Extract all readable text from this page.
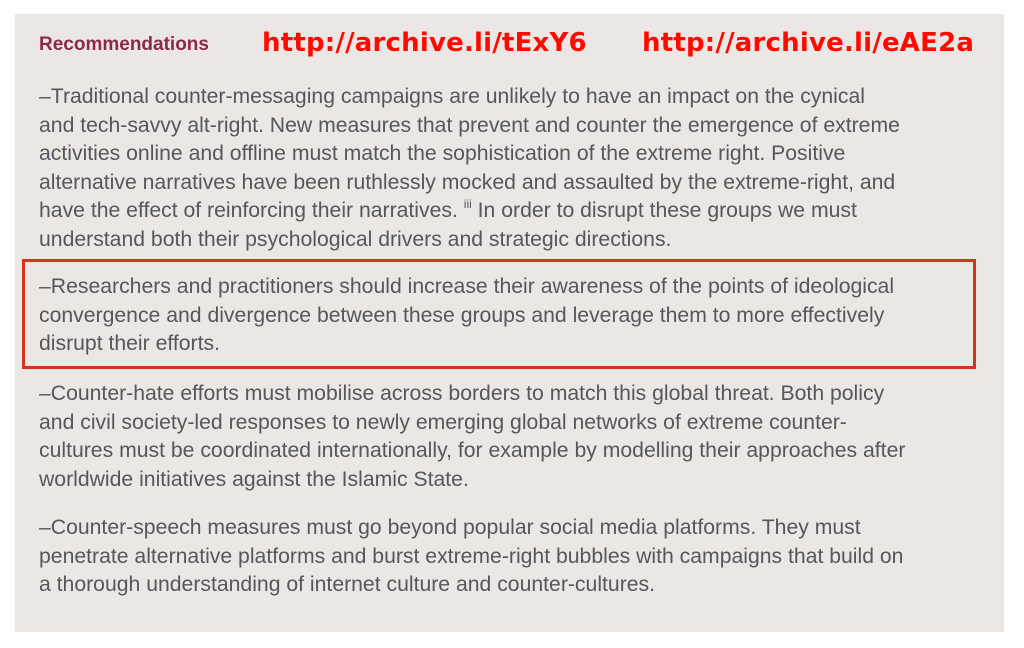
Recommendations http://archive.li/tExY6 http://archive.li/eAE2a
–Traditional counter-messaging campaigns are unlikely to have an impact on the cynical
and tech-savvy alt-right. New measures that prevent and counter the emergence of extreme
activities online and offline must match the sophistication of the extreme right. Positive
alternative narratives have been ruthlessly mocked and assaulted by the extreme-right, and
have the effect of reinforcing their narratives. $^{iii}$ In order to disrupt these groups we must
understand both their psychological drivers and strategic directions.
–Researchers and practitioners should increase their awareness of the points of ideological
convergence and divergence between these groups and leverage them to more effectively
disrupt their efforts.
–Counter-hate efforts must mobilise across borders to match this global threat. Both policy
and civil society-led responses to newly emerging global networks of extreme counter-
cultures must be coordinated internationally, for example by modelling their approaches after
worldwide initiatives against the Islamic State.
–Counter-speech measures must go beyond popular social media platforms. They must
penetrate alternative platforms and burst extreme-right bubbles with campaigns that build on
a thorough understanding of internet culture and counter-cultures.
